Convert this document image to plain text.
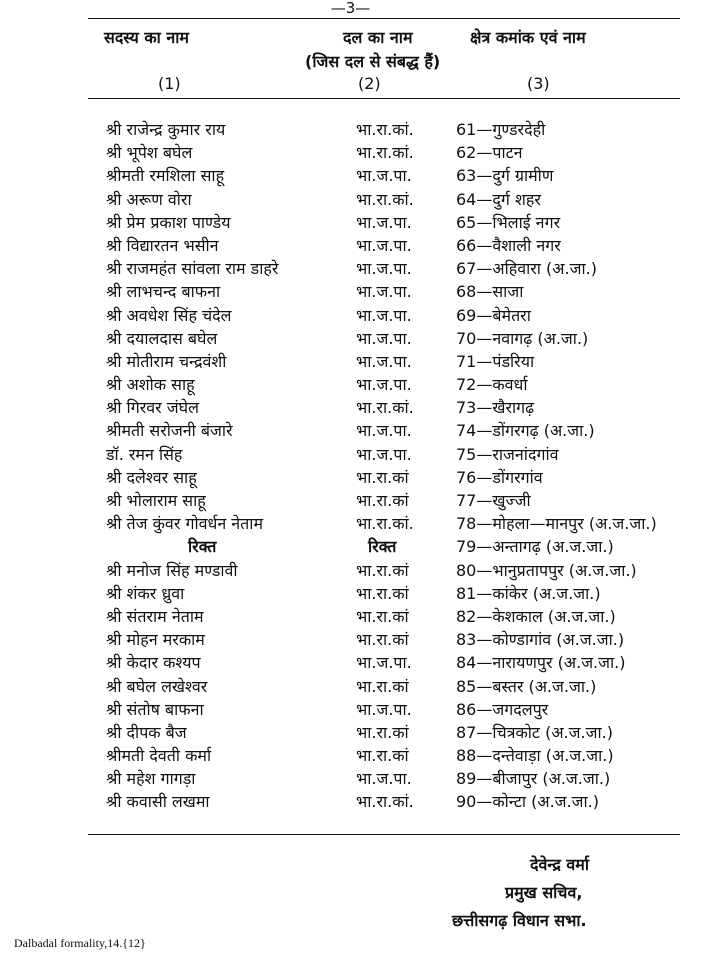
—3—
सदस्य का नाम	दल का नाम	क्षेत्र कमांक एवं नाम
(जिस दल से संबद्ध हैं)
(1)	(2)	(3)
श्री राजेन्द्र कुमार राय	भा.रा.कां.	61—गुण्डरदेही
श्री भूपेश बघेल	भा.रा.कां.	62—पाटन
श्रीमती रमशिला साहू	भा.ज.पा.	63—दुर्ग ग्रामीण
श्री अरूण वोरा	भा.रा.कां.	64—दुर्ग शहर
श्री प्रेम प्रकाश पाण्डेय	भा.ज.पा.	65—भिलाई नगर
श्री विद्यारतन भसीन	भा.ज.पा.	66—वैशाली नगर
श्री राजमहंत सांवला राम डाहरे	भा.ज.पा.	67—अहिवारा (अ.जा.)
श्री लाभचन्द बाफना	भा.ज.पा.	68—साजा
श्री अवधेश सिंह चंदेल	भा.ज.पा.	69—बेमेतरा
श्री दयालदास बघेल	भा.ज.पा.	70—नवागढ़ (अ.जा.)
श्री मोतीराम चन्द्रवंशी	भा.ज.पा.	71—पंडरिया
श्री अशोक साहू	भा.ज.पा.	72—कवर्धा
श्री गिरवर जंघेल	भा.रा.कां.	73—खैरागढ़
श्रीमती सरोजनी बंजारे	भा.ज.पा.	74—डोंगरगढ़ (अ.जा.)
डॉ. रमन सिंह	भा.ज.पा.	75—राजनांदगांव
श्री दलेश्वर साहू	भा.रा.कां	76—डोंगरगांव
श्री भोलाराम साहू	भा.रा.कां	77—खुज्जी
श्री तेज कुंवर गोवर्धन नेताम	भा.रा.कां.	78—मोहला—मानपुर (अ.ज.जा.)
रिक्त	रिक्त	79—अन्तागढ़ (अ.ज.जा.)
श्री मनोज सिंह मण्डावी	भा.रा.कां	80—भानुप्रतापपुर (अ.ज.जा.)
श्री शंकर ध्रुवा	भा.रा.कां	81—कांकेर (अ.ज.जा.)
श्री संतराम नेताम	भा.रा.कां	82—केशकाल (अ.ज.जा.)
श्री मोहन मरकाम	भा.रा.कां	83—कोण्डागांव (अ.ज.जा.)
श्री केदार कश्यप	भा.ज.पा.	84—नारायणपुर (अ.ज.जा.)
श्री बघेल लखेश्वर	भा.रा.कां	85—बस्तर (अ.ज.जा.)
श्री संतोष बाफना	भा.ज.पा.	86—जगदलपुर
श्री दीपक बैज	भा.रा.कां	87—चित्रकोट (अ.ज.जा.)
श्रीमती देवती कर्मा	भा.रा.कां	88—दन्तेवाड़ा (अ.ज.जा.)
श्री महेश गागड़ा	भा.ज.पा.	89—बीजापुर (अ.ज.जा.)
श्री कवासी लखमा	भा.रा.कां.	90—कोन्टा (अ.ज.जा.)
देवेन्द्र वर्मा
प्रमुख सचिव,
छत्तीसगढ़ विधान सभा.
Dalbadal formality,14.{12}
